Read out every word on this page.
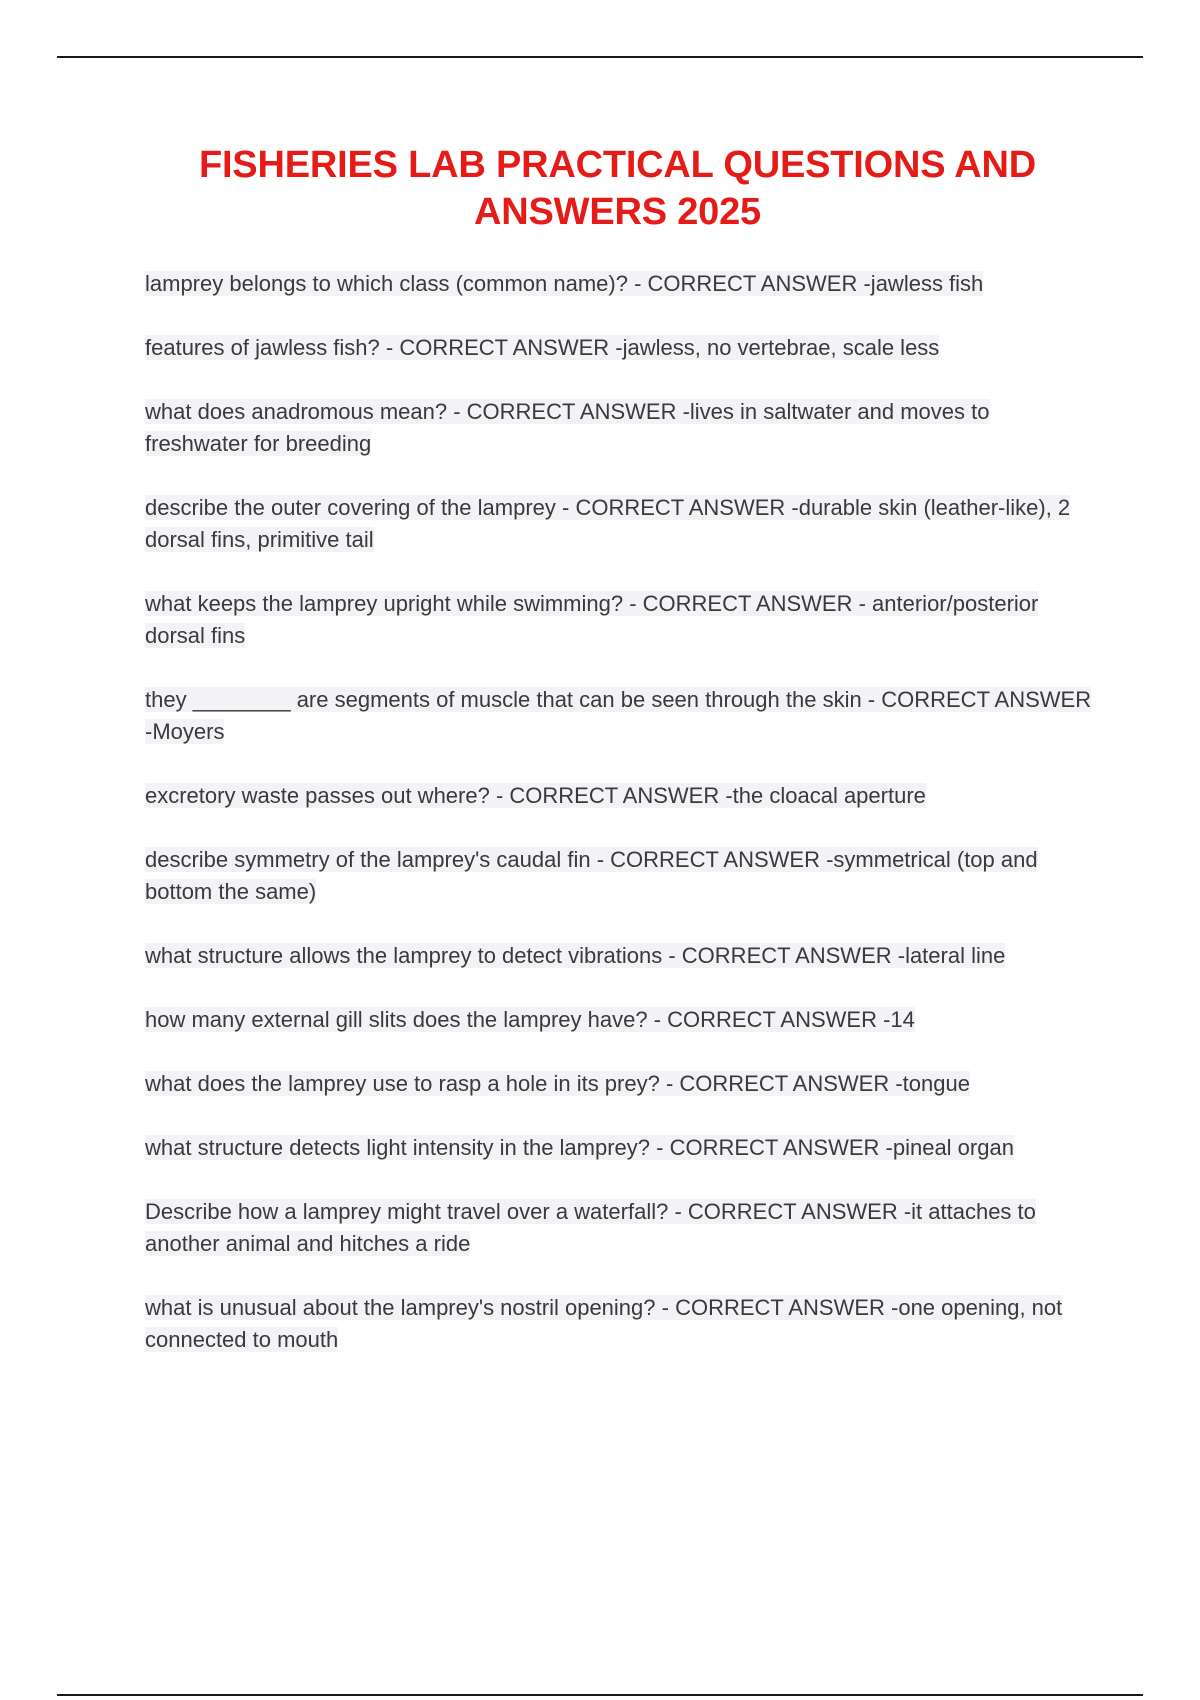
FISHERIES LAB PRACTICAL QUESTIONS AND ANSWERS 2025
lamprey belongs to which class (common name)? - CORRECT ANSWER -jawless fish
features of jawless fish? - CORRECT ANSWER -jawless, no vertebrae, scale less
what does anadromous mean? - CORRECT ANSWER -lives in saltwater and moves to freshwater for breeding
describe the outer covering of the lamprey - CORRECT ANSWER -durable skin (leather-like), 2 dorsal fins, primitive tail
what keeps the lamprey upright while swimming? - CORRECT ANSWER - anterior/posterior dorsal fins
they ________ are segments of muscle that can be seen through the skin - CORRECT ANSWER -Moyers
excretory waste passes out where? - CORRECT ANSWER -the cloacal aperture
describe symmetry of the lamprey's caudal fin - CORRECT ANSWER -symmetrical (top and bottom the same)
what structure allows the lamprey to detect vibrations - CORRECT ANSWER -lateral line
how many external gill slits does the lamprey have? - CORRECT ANSWER -14
what does the lamprey use to rasp a hole in its prey? - CORRECT ANSWER -tongue
what structure detects light intensity in the lamprey? - CORRECT ANSWER -pineal organ
Describe how a lamprey might travel over a waterfall? - CORRECT ANSWER -it attaches to another animal and hitches a ride
what is unusual about the lamprey's nostril opening? - CORRECT ANSWER -one opening, not connected to mouth
